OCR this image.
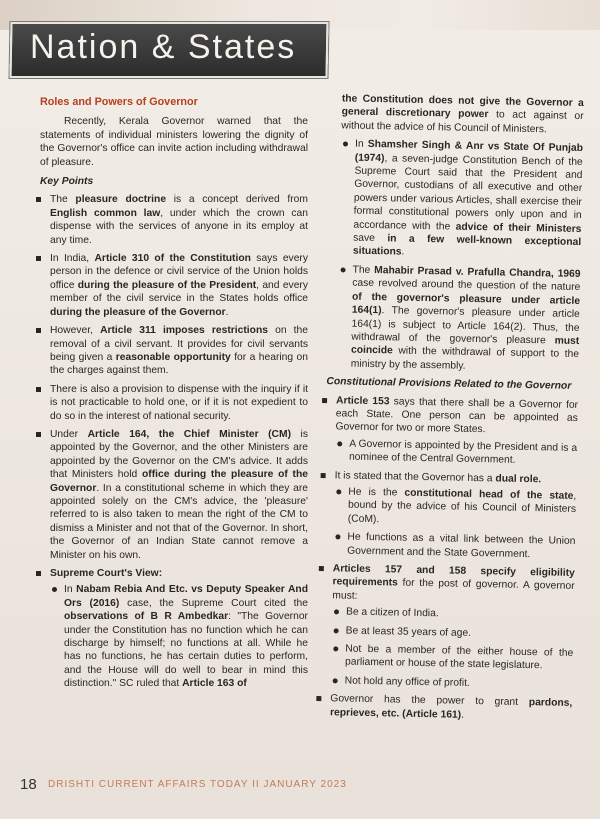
Nation & States
Roles and Powers of Governor

Recently, Kerala Governor warned that the statements of individual ministers lowering the dignity of the Governor's office can invite action including withdrawal of pleasure.

Key Points
The pleasure doctrine is a concept derived from English common law, under which the crown can dispense with the services of anyone in its employ at any time.
In India, Article 310 of the Constitution says every person in the defence or civil service of the Union holds office during the pleasure of the President, and every member of the civil service in the States holds office during the pleasure of the Governor.
However, Article 311 imposes restrictions on the removal of a civil servant. It provides for civil servants being given a reasonable opportunity for a hearing on the charges against them.
There is also a provision to dispense with the inquiry if it is not practicable to hold one, or if it is not expedient to do so in the interest of national security.
Under Article 164, the Chief Minister (CM) is appointed by the Governor, and the other Ministers are appointed by the Governor on the CM's advice. It adds that Ministers hold office during the pleasure of the Governor. In a constitutional scheme in which they are appointed solely on the CM's advice, the 'pleasure' referred to is also taken to mean the right of the CM to dismiss a Minister and not that of the Governor. In short, the Governor of an Indian State cannot remove a Minister on his own.
Supreme Court's View:
In Nabam Rebia And Etc. vs Deputy Speaker And Ors (2016) case, the Supreme Court cited the observations of B R Ambedkar: "The Governor under the Constitution has no function which he can discharge by himself; no functions at all. While he has no functions, he has certain duties to perform, and the House will do well to bear in mind this distinction." SC ruled that Article 163 of

the Constitution does not give the Governor a general discretionary power to act against or without the advice of his Council of Ministers.

In Shamsher Singh & Anr vs State Of Punjab (1974), a seven-judge Constitution Bench of the Supreme Court said that the President and Governor, custodians of all executive and other powers under various Articles, shall exercise their formal constitutional powers only upon and in accordance with the advice of their Ministers save in a few well-known exceptional situations.
The Mahabir Prasad v. Prafulla Chandra, 1969 case revolved around the question of the nature of the governor's pleasure under article 164(1). The governor's pleasure under article 164(1) is subject to Article 164(2). Thus, the withdrawal of the governor's pleasure must coincide with the withdrawal of support to the ministry by the assembly.
Constitutional Provisions Related to the Governor
Article 153 says that there shall be a Governor for each State. One person can be appointed as Governor for two or more States.
A Governor is appointed by the President and is a nominee of the Central Government.
It is stated that the Governor has a dual role.
He is the constitutional head of the state, bound by the advice of his Council of Ministers (CoM).
He functions as a vital link between the Union Government and the State Government.
Articles 157 and 158 specify eligibility requirements for the post of governor. A governor must:
Be a citizen of India.
Be at least 35 years of age.
Not be a member of the either house of the parliament or house of the state legislature.
Not hold any office of profit.
Governor has the power to grant pardons, reprieves, etc. (Article 161).
18 DRISHTI CURRENT AFFAIRS TODAY II JANUARY 2023
